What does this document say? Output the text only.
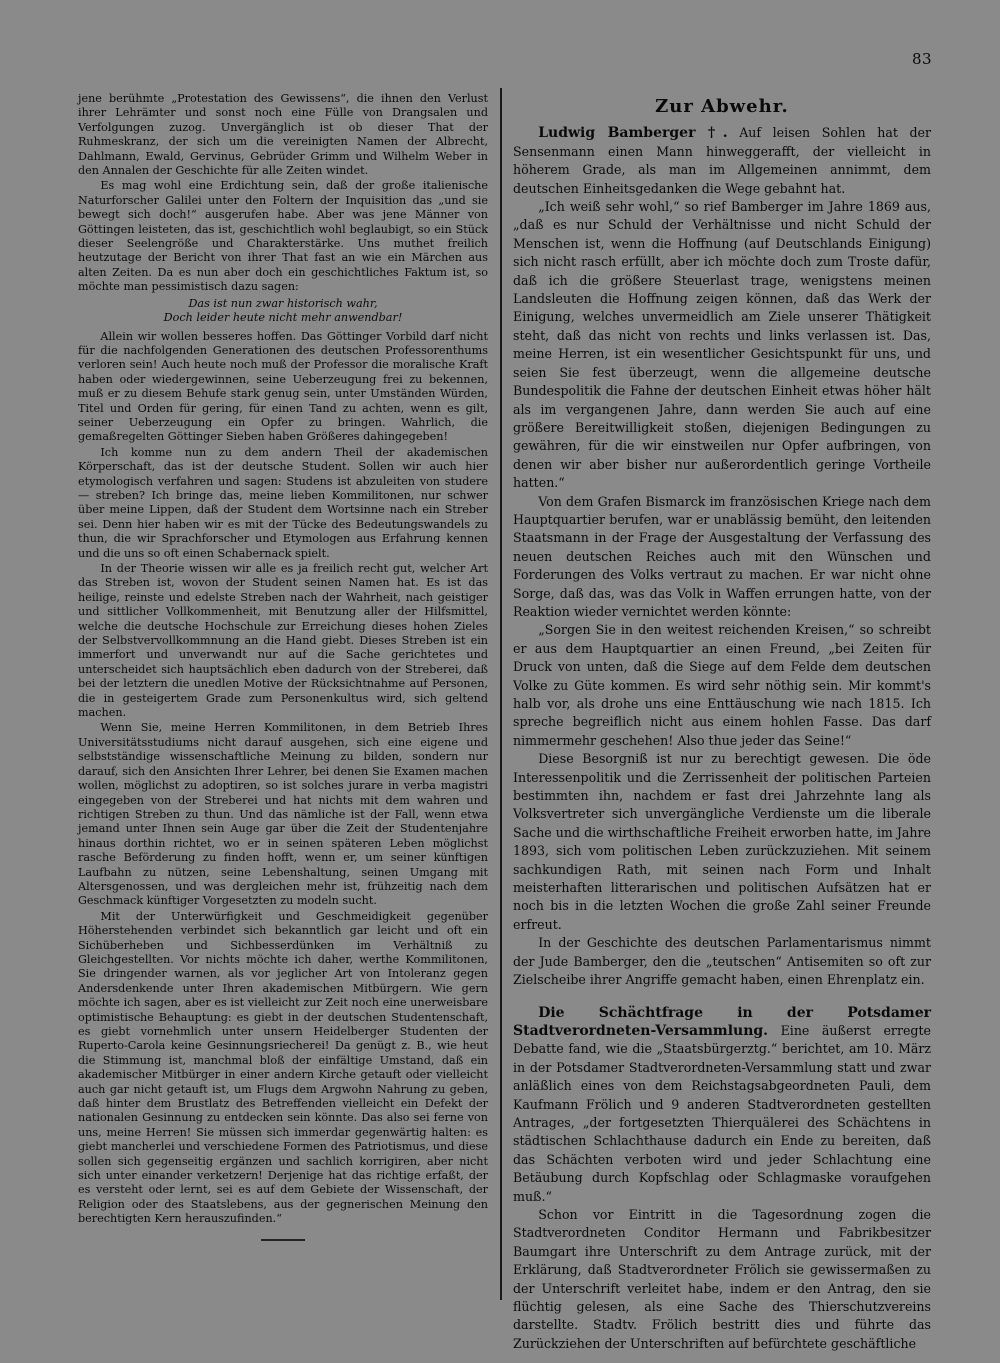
83

jene berühmte „Protestation des Gewissens“, die ihnen den Verlust ihrer Lehrämter und sonst noch eine Fülle von Drangsalen und Verfolgungen zuzog. Unvergänglich ist ob dieser That der Ruhmeskranz, der sich um die vereinigten Namen der Albrecht, Dahlmann, Ewald, Gervinus, Gebrüder Grimm und Wilhelm Weber in den Annalen der Geschichte für alle Zeiten windet.

Es mag wohl eine Erdichtung sein, daß der große italienische Naturforscher Galilei unter den Foltern der Inquisition das „und sie bewegt sich doch!“ ausgerufen habe. Aber was jene Männer von Göttingen leisteten, das ist, geschichtlich wohl beglaubigt, so ein Stück dieser Seelengröße und Charakterstärke. Uns muthet freilich heutzutage der Bericht von ihrer That fast an wie ein Märchen aus alten Zeiten. Da es nun aber doch ein geschichtliches Faktum ist, so möchte man pessimistisch dazu sagen:

Das ist nun zwar historisch wahr,
Doch leider heute nicht mehr anwendbar!

Allein wir wollen besseres hoffen. Das Göttinger Vorbild darf nicht für die nachfolgenden Generationen des deutschen Professorenthums verloren sein! Auch heute noch muß der Professor die moralische Kraft haben oder wiedergewinnen, seine Ueberzeugung frei zu bekennen, muß er zu diesem Behufe stark genug sein, unter Umständen Würden, Titel und Orden für gering, für einen Tand zu achten, wenn es gilt, seiner Ueberzeugung ein Opfer zu bringen. Wahrlich, die gemaßregelten Göttinger Sieben haben Größeres dahingegeben!

Ich komme nun zu dem andern Theil der akademischen Körperschaft, das ist der deutsche Student. Sollen wir auch hier etymologisch verfahren und sagen: Studens ist abzuleiten von studere — streben? Ich bringe das, meine lieben Kommilitonen, nur schwer über meine Lippen, daß der Student dem Wortsinne nach ein Streber sei. Denn hier haben wir es mit der Tücke des Bedeutungswandels zu thun, die wir Sprachforscher und Etymologen aus Erfahrung kennen und die uns so oft einen Schabernack spielt.

In der Theorie wissen wir alle es ja freilich recht gut, welcher Art das Streben ist, wovon der Student seinen Namen hat. Es ist das heilige, reinste und edelste Streben nach der Wahrheit, nach geistiger und sittlicher Vollkommenheit, mit Benutzung aller der Hilfsmittel, welche die deutsche Hochschule zur Erreichung dieses hohen Zieles der Selbstvervollkommnung an die Hand giebt. Dieses Streben ist ein immerfort und unverwandt nur auf die Sache gerichtetes und unterscheidet sich hauptsächlich eben dadurch von der Streberei, daß bei der letztern die unedlen Motive der Rücksichtnahme auf Personen, die in gesteigertem Grade zum Personenkultus wird, sich geltend machen.

Wenn Sie, meine Herren Kommilitonen, in dem Betrieb Ihres Universitätsstudiums nicht darauf ausgehen, sich eine eigene und selbstständige wissenschaftliche Meinung zu bilden, sondern nur darauf, sich den Ansichten Ihrer Lehrer, bei denen Sie Examen machen wollen, möglichst zu adoptiren, so ist solches jurare in verba magistri eingegeben von der Streberei und hat nichts mit dem wahren und richtigen Streben zu thun. Und das nämliche ist der Fall, wenn etwa jemand unter Ihnen sein Auge gar über die Zeit der Studentenjahre hinaus dorthin richtet, wo er in seinen späteren Leben möglichst rasche Beförderung zu finden hofft, wenn er, um seiner künftigen Laufbahn zu nützen, seine Lebenshaltung, seinen Umgang mit Altersgenossen, und was dergleichen mehr ist, frühzeitig nach dem Geschmack künftiger Vorgesetzten zu modeln sucht.

Mit der Unterwürfigkeit und Geschmeidigkeit gegenüber Höherstehenden verbindet sich bekanntlich gar leicht und oft ein Sichüberheben und Sichbesserdünken im Verhältniß zu Gleichgestellten. Vor nichts möchte ich daher, werthe Kommilitonen, Sie dringender warnen, als vor jeglicher Art von Intoleranz gegen Andersdenkende unter Ihren akademischen Mitbürgern. Wie gern möchte ich sagen, aber es ist vielleicht zur Zeit noch eine unerweisbare optimistische Behauptung: es giebt in der deutschen Studentenschaft, es giebt vornehmlich unter unsern Heidelberger Studenten der Ruperto-Carola keine Gesinnungsriecherei! Da genügt z. B., wie heut die Stimmung ist, manchmal bloß der einfältige Umstand, daß ein akademischer Mitbürger in einer andern Kirche getauft oder vielleicht auch gar nicht getauft ist, um Flugs dem Argwohn Nahrung zu geben, daß hinter dem Brustlatz des Betreffenden vielleicht ein Defekt der nationalen Gesinnung zu entdecken sein könnte. Das also sei ferne von uns, meine Herren! Sie müssen sich immerdar gegenwärtig halten: es giebt mancherlei und verschiedene Formen des Patriotismus, und diese sollen sich gegenseitig ergänzen und sachlich korrigiren, aber nicht sich unter einander verketzern! Derjenige hat das richtige erfaßt, der es versteht oder lernt, sei es auf dem Gebiete der Wissenschaft, der Religion oder des Staatslebens, aus der gegnerischen Meinung den berechtigten Kern herauszufinden.“

Zur Abwehr.

Ludwig Bamberger †. Auf leisen Sohlen hat der Sensenmann einen Mann hinweggerafft, der vielleicht in höherem Grade, als man im Allgemeinen annimmt, dem deutschen Einheitsgedanken die Wege gebahnt hat.

„Ich weiß sehr wohl,“ so rief Bamberger im Jahre 1869 aus, „daß es nur Schuld der Verhältnisse und nicht Schuld der Menschen ist, wenn die Hoffnung (auf Deutschlands Einigung) sich nicht rasch erfüllt, aber ich möchte doch zum Troste dafür, daß ich die größere Steuerlast trage, wenigstens meinen Landsleuten die Hoffnung zeigen können, daß das Werk der Einigung, welches unvermeidlich am Ziele unserer Thätigkeit steht, daß das nicht von rechts und links verlassen ist. Das, meine Herren, ist ein wesentlicher Gesichtspunkt für uns, und seien Sie fest überzeugt, wenn die allgemeine deutsche Bundespolitik die Fahne der deutschen Einheit etwas höher hält als im vergangenen Jahre, dann werden Sie auch auf eine größere Bereitwilligkeit stoßen, diejenigen Bedingungen zu gewähren, für die wir einstweilen nur Opfer aufbringen, von denen wir aber bisher nur außerordentlich geringe Vortheile hatten.“

Von dem Grafen Bismarck im französischen Kriege nach dem Hauptquartier berufen, war er unablässig bemüht, den leitenden Staatsmann in der Frage der Ausgestaltung der Verfassung des neuen deutschen Reiches auch mit den Wünschen und Forderungen des Volks vertraut zu machen. Er war nicht ohne Sorge, daß das, was das Volk in Waffen errungen hatte, von der Reaktion wieder vernichtet werden könnte:

„Sorgen Sie in den weitest reichenden Kreisen,“ so schreibt er aus dem Hauptquartier an einen Freund, „bei Zeiten für Druck von unten, daß die Siege auf dem Felde dem deutschen Volke zu Güte kommen. Es wird sehr nöthig sein. Mir kommt's halb vor, als drohe uns eine Enttäuschung wie nach 1815. Ich spreche begreiflich nicht aus einem hohlen Fasse. Das darf nimmermehr geschehen! Also thue jeder das Seine!“

Diese Besorgniß ist nur zu berechtigt gewesen. Die öde Interessenpolitik und die Zerrissenheit der politischen Parteien bestimmten ihn, nachdem er fast drei Jahrzehnte lang als Volksvertreter sich unvergängliche Verdienste um die liberale Sache und die wirthschaftliche Freiheit erworben hatte, im Jahre 1893, sich vom politischen Leben zurückzuziehen. Mit seinem sachkundigen Rath, mit seinen nach Form und Inhalt meisterhaften litterarischen und politischen Aufsätzen hat er noch bis in die letzten Wochen die große Zahl seiner Freunde erfreut.

In der Geschichte des deutschen Parlamentarismus nimmt der Jude Bamberger, den die „teutschen“ Antisemiten so oft zur Zielscheibe ihrer Angriffe gemacht haben, einen Ehrenplatz ein.

Die Schächtfrage in der Potsdamer Stadtverordneten-Versammlung. Eine äußerst erregte Debatte fand, wie die „Staatsbürgerztg.“ berichtet, am 10. März in der Potsdamer Stadtverordneten-Versammlung statt und zwar anläßlich eines von dem Reichstagsabgeordneten Pauli, dem Kaufmann Frölich und 9 anderen Stadtverordneten gestellten Antrages, „der fortgesetzten Thierquälerei des Schächtens in städtischen Schlachthause dadurch ein Ende zu bereiten, daß das Schächten verboten wird und jeder Schlachtung eine Betäubung durch Kopfschlag oder Schlagmaske voraufgehen muß.“

Schon vor Eintritt in die Tagesordnung zogen die Stadtverordneten Conditor Hermann und Fabrikbesitzer Baumgart ihre Unterschrift zu dem Antrage zurück, mit der Erklärung, daß Stadtverordneter Frölich sie gewissermaßen zu der Unterschrift verleitet habe, indem er den Antrag, den sie flüchtig gelesen, als eine Sache des Thierschutzvereins darstellte. Stadtv. Frölich bestritt dies und führte das Zurückziehen der Unterschriften auf befürchtete geschäftliche
